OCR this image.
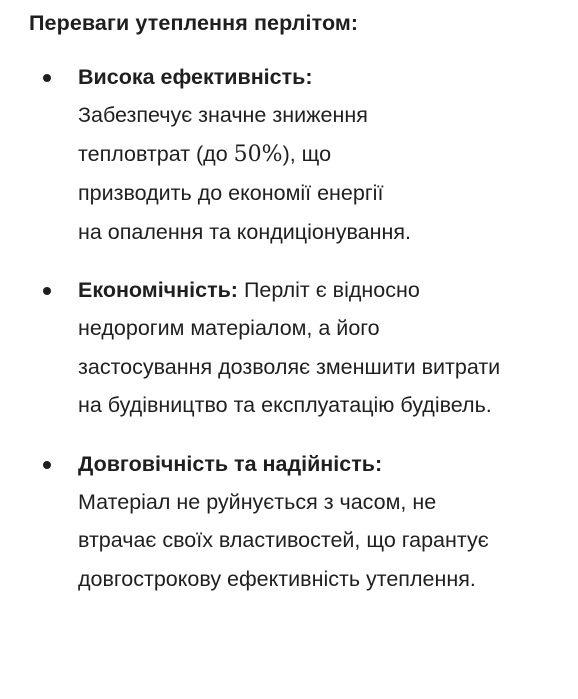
Переваги утеплення перлітом:
Висока ефективність:
Забезпечує значне зниження
тепловтрат (до 50%), що
призводить до економії енергії
на опалення та кондиціонування.
Економічність: Перліт є відносно недорогим матеріалом, а його застосування дозволяє зменшити витрати на будівництво та експлуатацію будівель.
Довговічність та надійність:
Матеріал не руйнується з часом, не втрачає своїх властивостей, що гарантує довгострокову ефективність утеплення.
